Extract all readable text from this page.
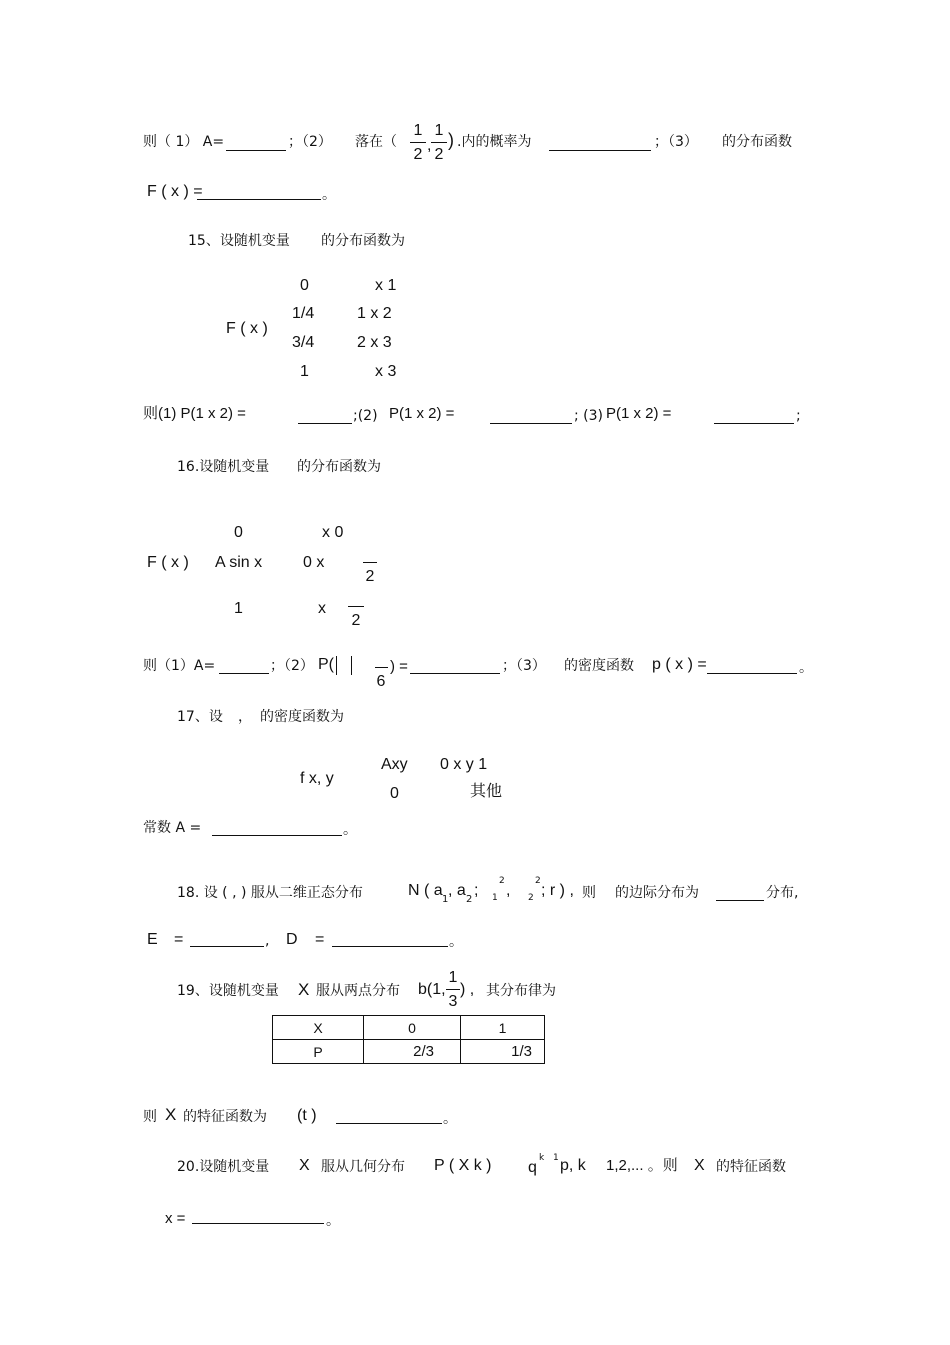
则（ 1） A=	；（2） 落在（
1
2
,
1
2
) .内的概率为	；（3） 的分布函数
F ( x ) =	。
15、设随机变量 的分布函数为
F ( x )
0	x 1
1/4	1 x 2
3/4	2 x 3
1	x 3
则(1) P(1 x 2) =	;(2) P(1 x 2) =	; (3) P(1 x 2) =	;
16.设随机变量 的分布函数为
F ( x )
0	x 0
A sin x	0 x
2
1	x
2
则（1）A=	；（2） P(
6
) =	；（3） 的密度函数 p ( x ) =	。
17、设 ， 的密度函数为
f x, y
Axy 0 x y 1
0	其他
常数 A =	。
18. 设 ( , ) 服从二维正态分布	N ( a
1
, a
2
;
2
1 ,
2
2 ; r ) , 则 的边际分布为	分布,
E =	, D =	。
19、设随机变量 X 服从两点分布 b(1,
1
3
) , 其分布律为
X	0	1
P	2/3	1/3
则 X 的特征函数为 (t )	。
20.设随机变量 X 服从几何分布 P ( X k ) q
k 1 p, k 1,2,... 。则 X 的特征函数
x =	。
